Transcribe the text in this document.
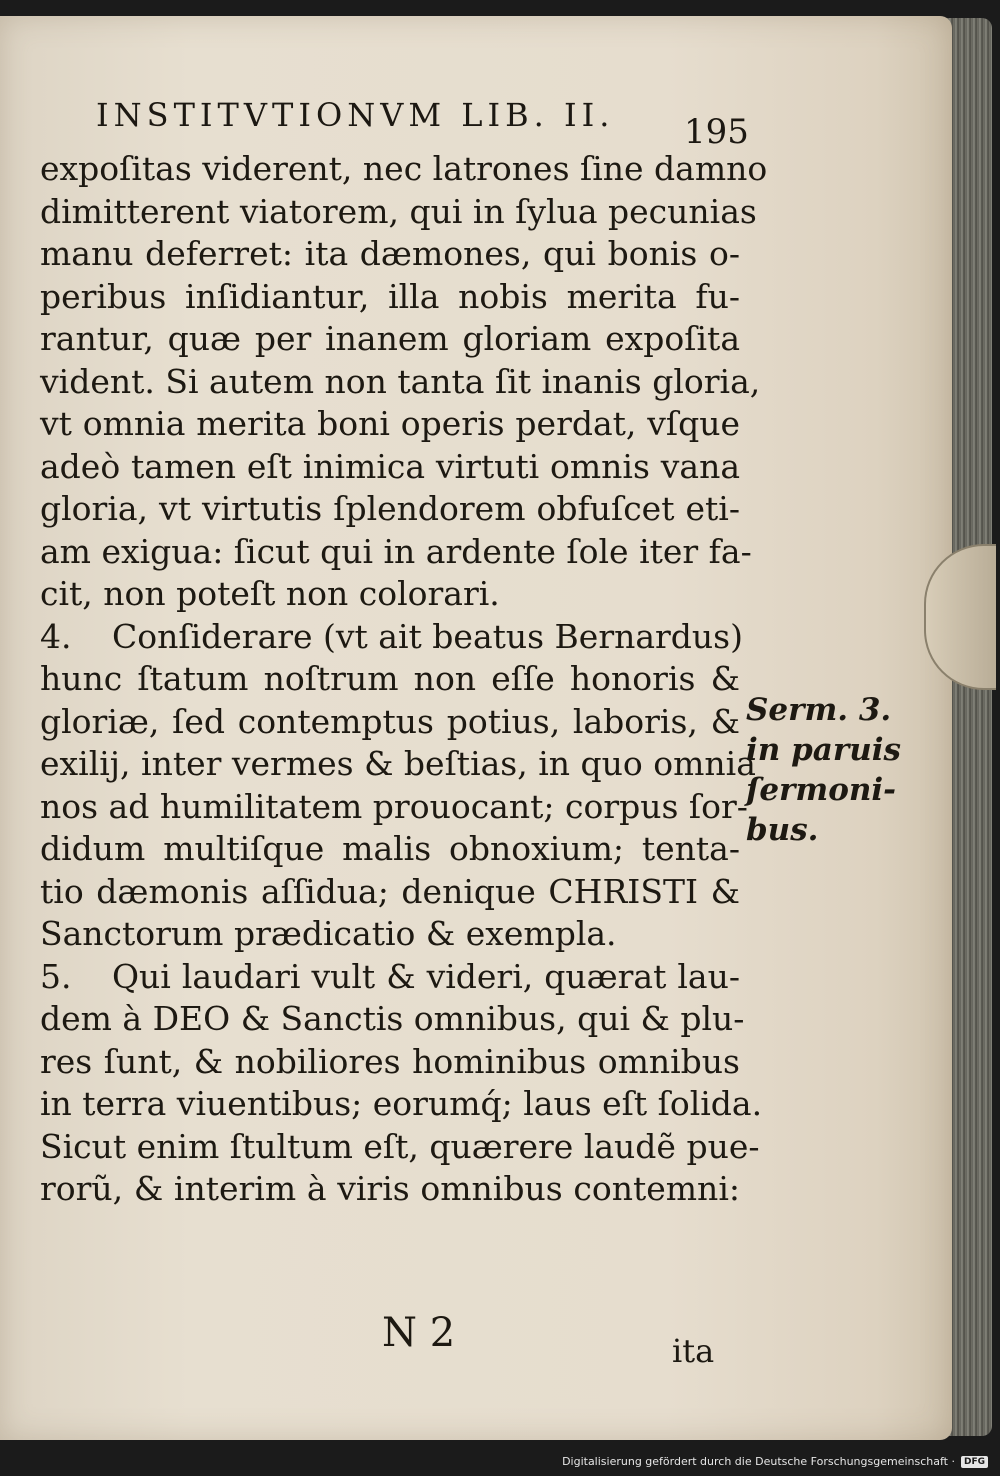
INSTITVTIONVM LIB. II. 195
expoſitas viderent, nec latrones ſine damno
dimitterent viatorem, qui in ſylua pecunias
manu deferret: ita dæmones, qui bonis o-
peribus inſidiantur, illa nobis merita fu-
rantur, quæ per inanem gloriam expoſita
vident. Si autem non tanta ſit inanis gloria,
vt omnia merita boni operis perdat, vſque
adeò tamen eſt inimica virtuti omnis vana
gloria, vt virtutis ſplendorem obfuſcet eti-
am exigua: ſicut qui in ardente ſole iter fa-
cit, non poteſt non colorari.
4. Conſiderare (vt ait beatus Bernardus)
hunc ſtatum noſtrum non eſſe honoris &
gloriæ, ſed contemptus potius, laboris, &
exilij, inter vermes & beſtias, in quo omnia
nos ad humilitatem prouocant; corpus ſor-
didum multiſque malis obnoxium; tenta-
tio dæmonis aſſidua; denique CHRISTI &
Sanctorum prædicatio & exempla.
5. Qui laudari vult & videri, quærat lau-
dem à DEO & Sanctis omnibus, qui & plu-
res ſunt, & nobiliores hominibus omnibus
in terra viuentibus; eorumq́; laus eſt ſolida.
Sicut enim ſtultum eſt, quærere laudẽ pue-
rorũ, & interim à viris omnibus contemni:
Serm. 3.
in paruis
ſermoni-
bus.
N 2	ita
Digitalisierung gefördert durch die Deutsche Forschungsgemeinschaft ·	DFG
